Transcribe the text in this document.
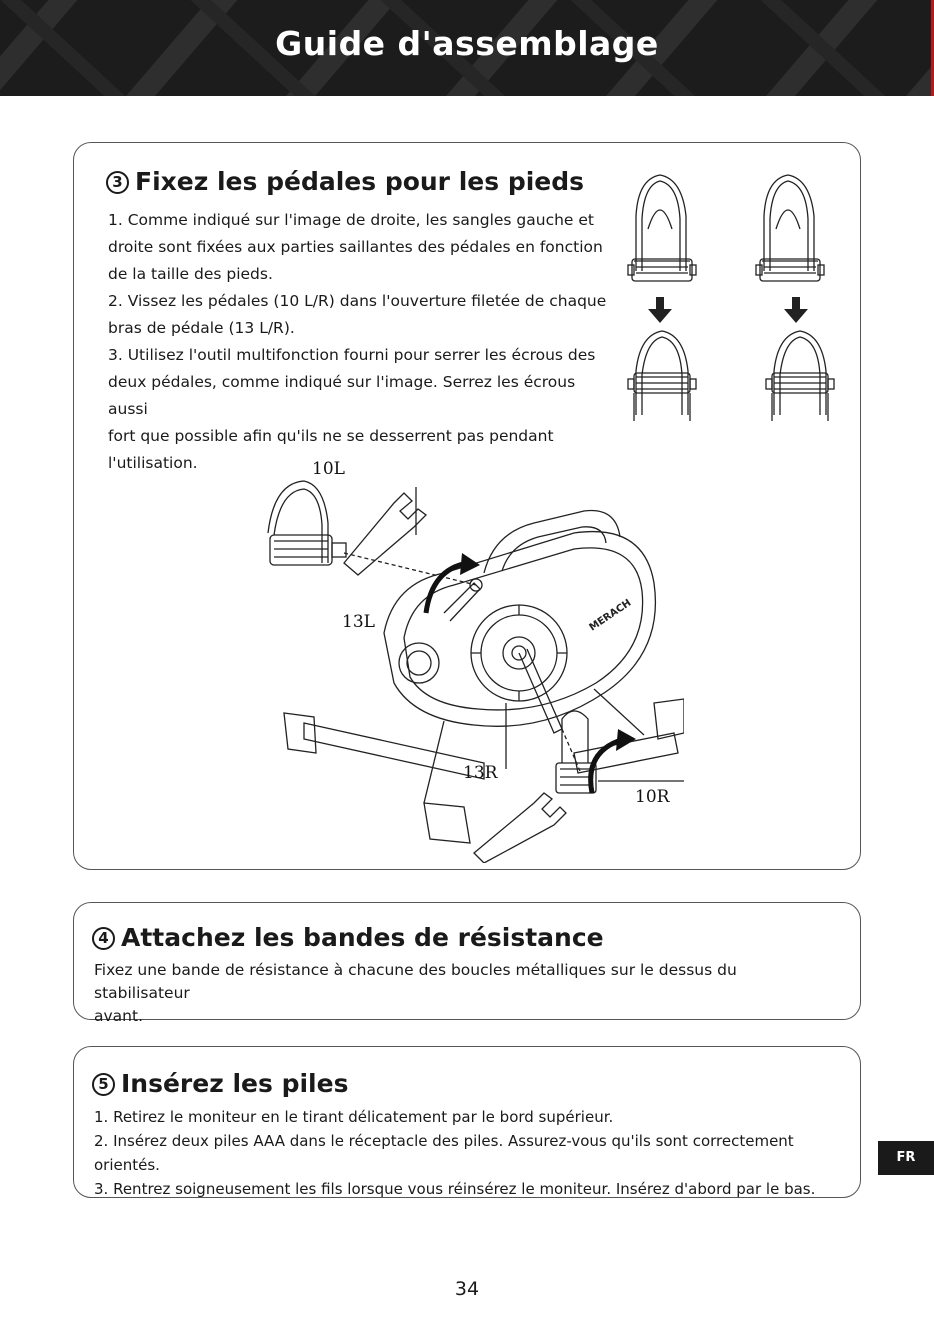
Guide d'assemblage
3 Fixez les pédales pour les pieds
1. Comme indiqué sur l'image de droite, les sangles gauche et
droite sont fixées aux parties saillantes des pédales en fonction
de la taille des pieds.
2. Vissez les pédales (10 L/R) dans l'ouverture filetée de chaque
bras de pédale (13 L/R).
3. Utilisez l'outil multifonction fourni pour serrer les écrous des
deux pédales, comme indiqué sur l'image. Serrez les écrous aussi
fort que possible afin qu'ils ne se desserrent pas pendant
l'utilisation.
MERACH
10L
13L
13R
10R
4 Attachez les bandes de résistance
Fixez une bande de résistance à chacune des boucles métalliques sur le dessus du stabilisateur
avant.
5 Insérez les piles
1. Retirez le moniteur en le tirant délicatement par le bord supérieur.
2. Insérez deux piles AAA dans le réceptacle des piles. Assurez-vous qu'ils sont correctement orientés.
3. Rentrez soigneusement les fils lorsque vous réinsérez le moniteur. Insérez d'abord par le bas.
FR
34
